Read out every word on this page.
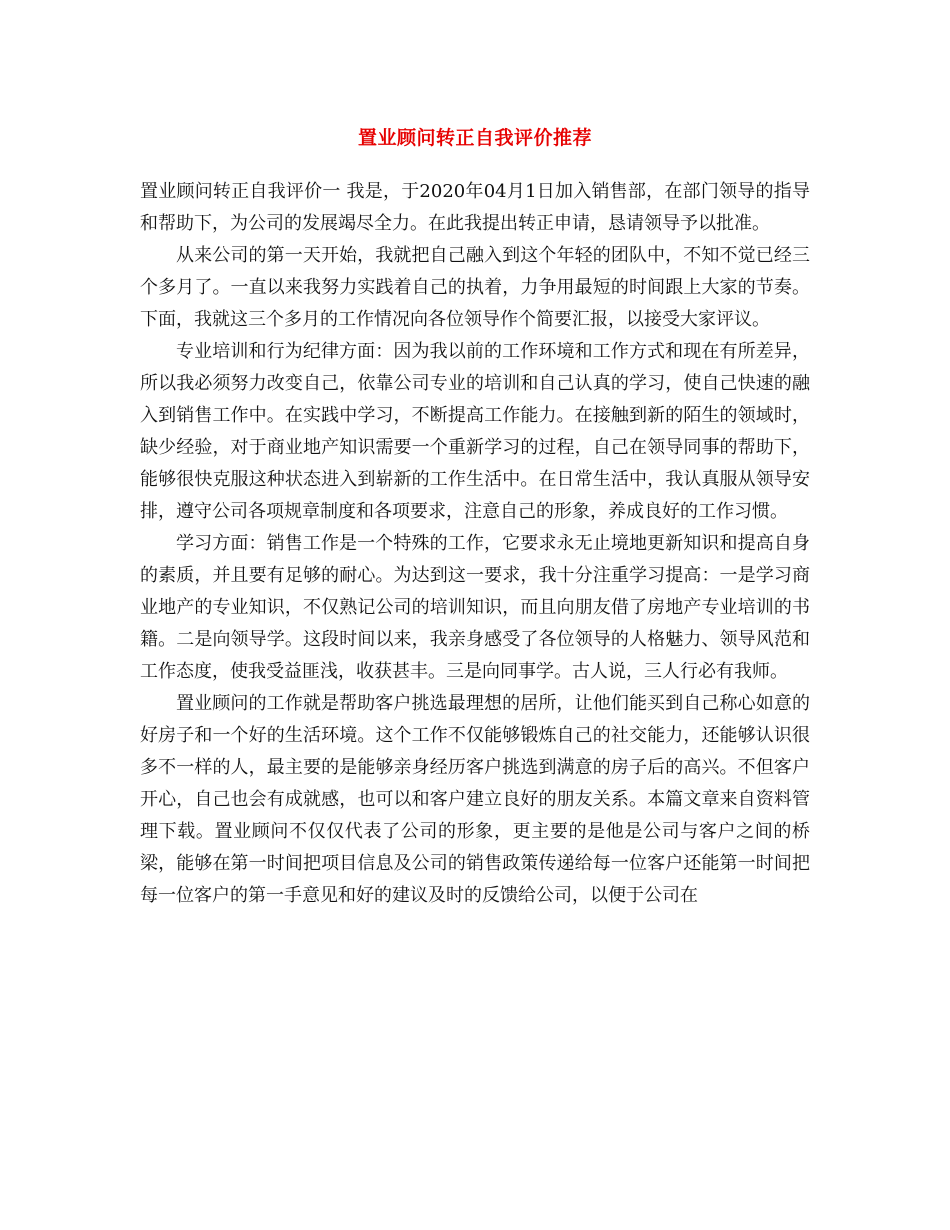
置业顾问转正自我评价推荐

置业顾问转正自我评价一 我是，于2020年04月1日加入销售部，在部门领导的指导和帮助下，为公司的发展竭尽全力。在此我提出转正申请，恳请领导予以批准。

从来公司的第一天开始，我就把自己融入到这个年轻的团队中，不知不觉已经三个多月了。一直以来我努力实践着自己的执着，力争用最短的时间跟上大家的节奏。下面，我就这三个多月的工作情况向各位领导作个简要汇报，以接受大家评议。

专业培训和行为纪律方面：因为我以前的工作环境和工作方式和现在有所差异，所以我必须努力改变自己，依靠公司专业的培训和自己认真的学习，使自己快速的融入到销售工作中。在实践中学习，不断提高工作能力。在接触到新的陌生的领域时，缺少经验，对于商业地产知识需要一个重新学习的过程，自己在领导同事的帮助下，能够很快克服这种状态进入到崭新的工作生活中。在日常生活中，我认真服从领导安排，遵守公司各项规章制度和各项要求，注意自己的形象，养成良好的工作习惯。

学习方面：销售工作是一个特殊的工作，它要求永无止境地更新知识和提高自身的素质，并且要有足够的耐心。为达到这一要求，我十分注重学习提高：一是学习商业地产的专业知识，不仅熟记公司的培训知识，而且向朋友借了房地产专业培训的书籍。二是向领导学。这段时间以来，我亲身感受了各位领导的人格魅力、领导风范和工作态度，使我受益匪浅，收获甚丰。三是向同事学。古人说，三人行必有我师。

置业顾问的工作就是帮助客户挑选最理想的居所，让他们能买到自己称心如意的好房子和一个好的生活环境。这个工作不仅能够锻炼自己的社交能力，还能够认识很多不一样的人，最主要的是能够亲身经历客户挑选到满意的房子后的高兴。不但客户开心，自己也会有成就感，也可以和客户建立良好的朋友关系。本篇文章来自资料管理下载。置业顾问不仅仅代表了公司的形象，更主要的是他是公司与客户之间的桥梁，能够在第一时间把项目信息及公司的销售政策传递给每一位客户还能第一时间把每一位客户的第一手意见和好的建议及时的反馈给公司，以便于公司在
